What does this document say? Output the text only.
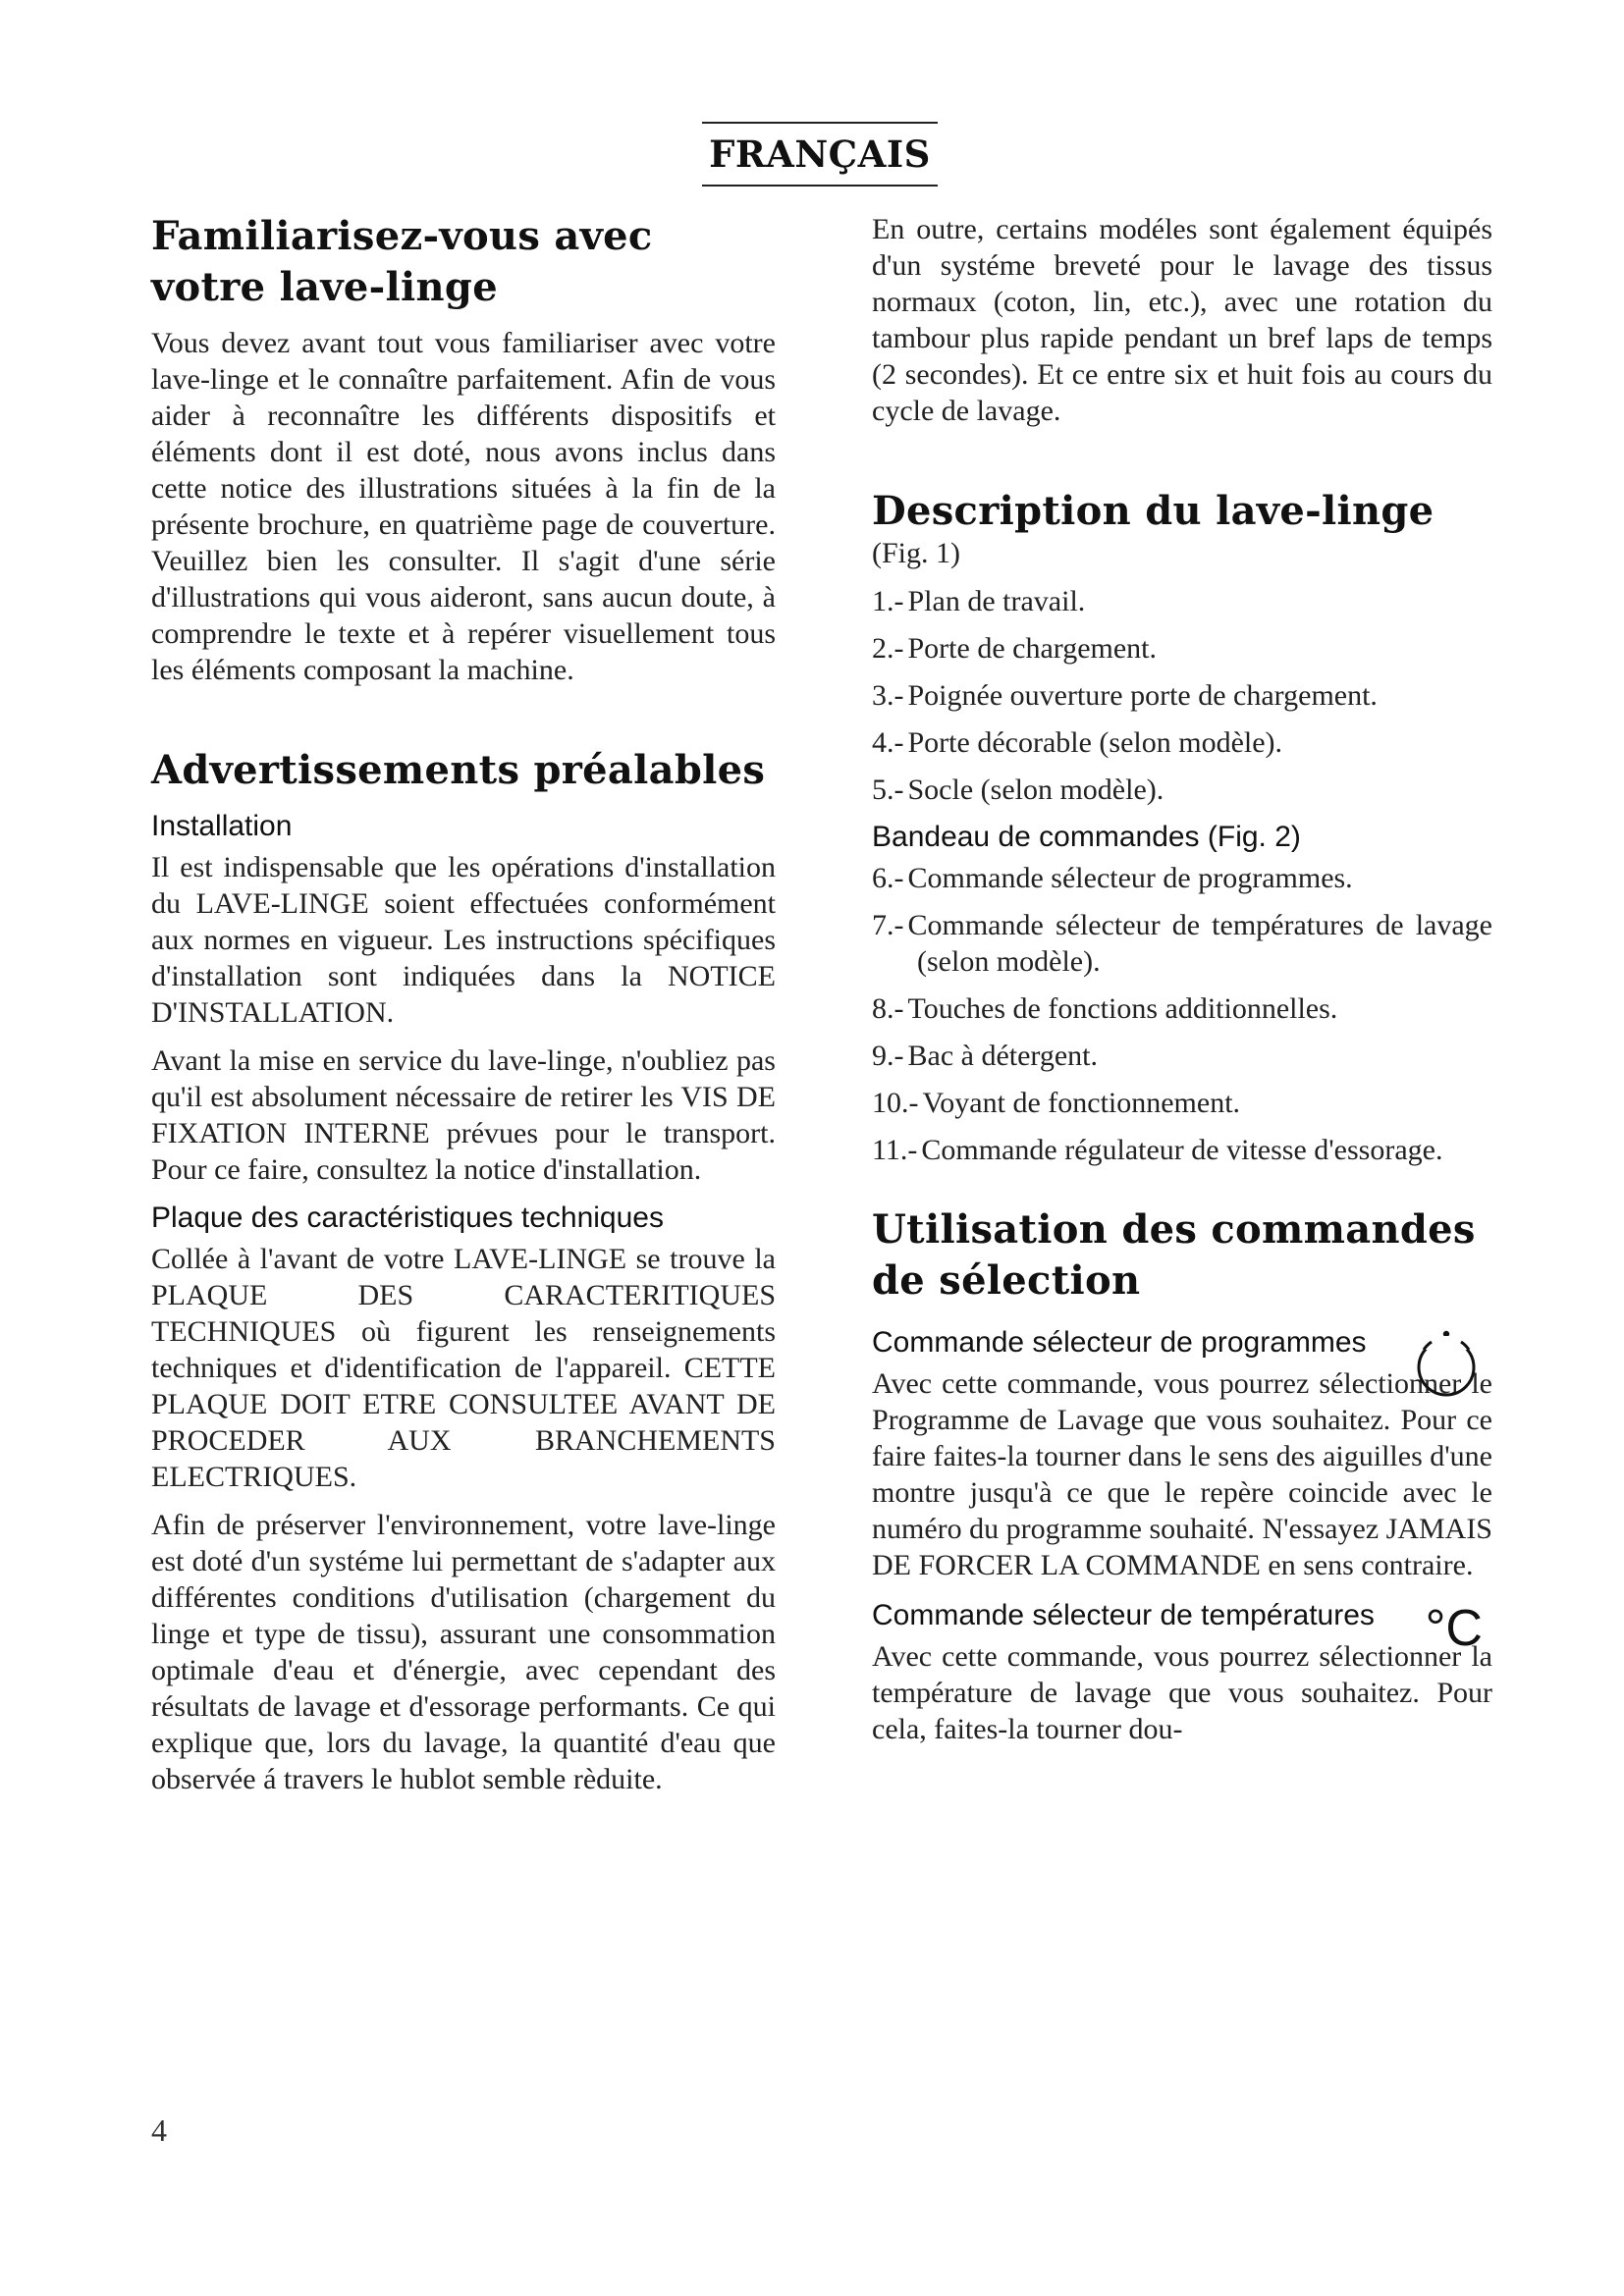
FRANÇAIS
Familiarisez-vous avec votre lave-linge

Vous devez avant tout vous familiariser avec votre lave-linge et le connaître parfaitement. Afin de vous aider à reconnaître les différents dispositifs et éléments dont il est doté, nous avons inclus dans cette notice des illustrations situées à la fin de la présente brochure, en quatrième page de couverture. Veuillez bien les consulter. Il s'agit d'une série d'illustrations qui vous aideront, sans aucun doute, à comprendre le texte et à repérer visuellement tous les éléments composant la machine.

Advertissements préalables
Installation

Il est indispensable que les opérations d'installation du LAVE-LINGE soient effectuées conformément aux normes en vigueur. Les instructions spécifiques d'installation sont indiquées dans la NOTICE D'INSTALLATION.

Avant la mise en service du lave-linge, n'oubliez pas qu'il est absolument nécessaire de retirer les VIS DE FIXATION INTERNE prévues pour le transport. Pour ce faire, consultez la notice d'installation.

Plaque des caractéristiques techniques

Collée à l'avant de votre LAVE-LINGE se trouve la PLAQUE DES CARACTERITIQUES TECHNIQUES où figurent les renseignements techniques et d'identification de l'appareil. CETTE PLAQUE DOIT ETRE CONSULTEE AVANT DE PROCEDER AUX BRANCHEMENTS ELECTRIQUES.

Afin de préserver l'environnement, votre lave-linge est doté d'un systéme lui permettant de s'adapter aux différentes conditions d'utilisation (chargement du linge et type de tissu), assurant une consommation optimale d'eau et d'énergie, avec cependant des résultats de lavage et d'essorage performants. Ce qui explique que, lors du lavage, la quantité d'eau que observée á travers le hublot semble rèduite.

En outre, certains modéles sont également équipés d'un systéme breveté pour le lavage des tissus normaux (coton, lin, etc.), avec une rotation du tambour plus rapide pendant un bref laps de temps (2 secondes). Et ce entre six et huit fois au cours du cycle de lavage.

Description du lave-linge

(Fig. 1)

1.- Plan de travail.
2.- Porte de chargement.
3.- Poignée ouverture porte de chargement.
4.- Porte décorable (selon modèle).
5.- Socle (selon modèle).
Bandeau de commandes (Fig. 2)
6.- Commande sélecteur de programmes.
7.- Commande sélecteur de températures de lavage (selon modèle).
8.- Touches de fonctions additionnelles.
9.- Bac à détergent.
10.- Voyant de fonctionnement.
11.- Commande régulateur de vitesse d'essorage.
Utilisation des commandes de sélection
Commande sélecteur de programmes

Avec cette commande, vous pourrez sélectionner le Programme de Lavage que vous souhaitez. Pour ce faire faites-la tourner dans le sens des aiguilles d'une montre jusqu'à ce que le repère coincide avec le numéro du programme souhaité. N'essayez JAMAIS DE FORCER LA COMMANDE en sens contraire.

Commande sélecteur de températures °C

Avec cette commande, vous pourrez sélectionner la température de lavage que vous souhaitez. Pour cela, faites-la tourner dou-

4
